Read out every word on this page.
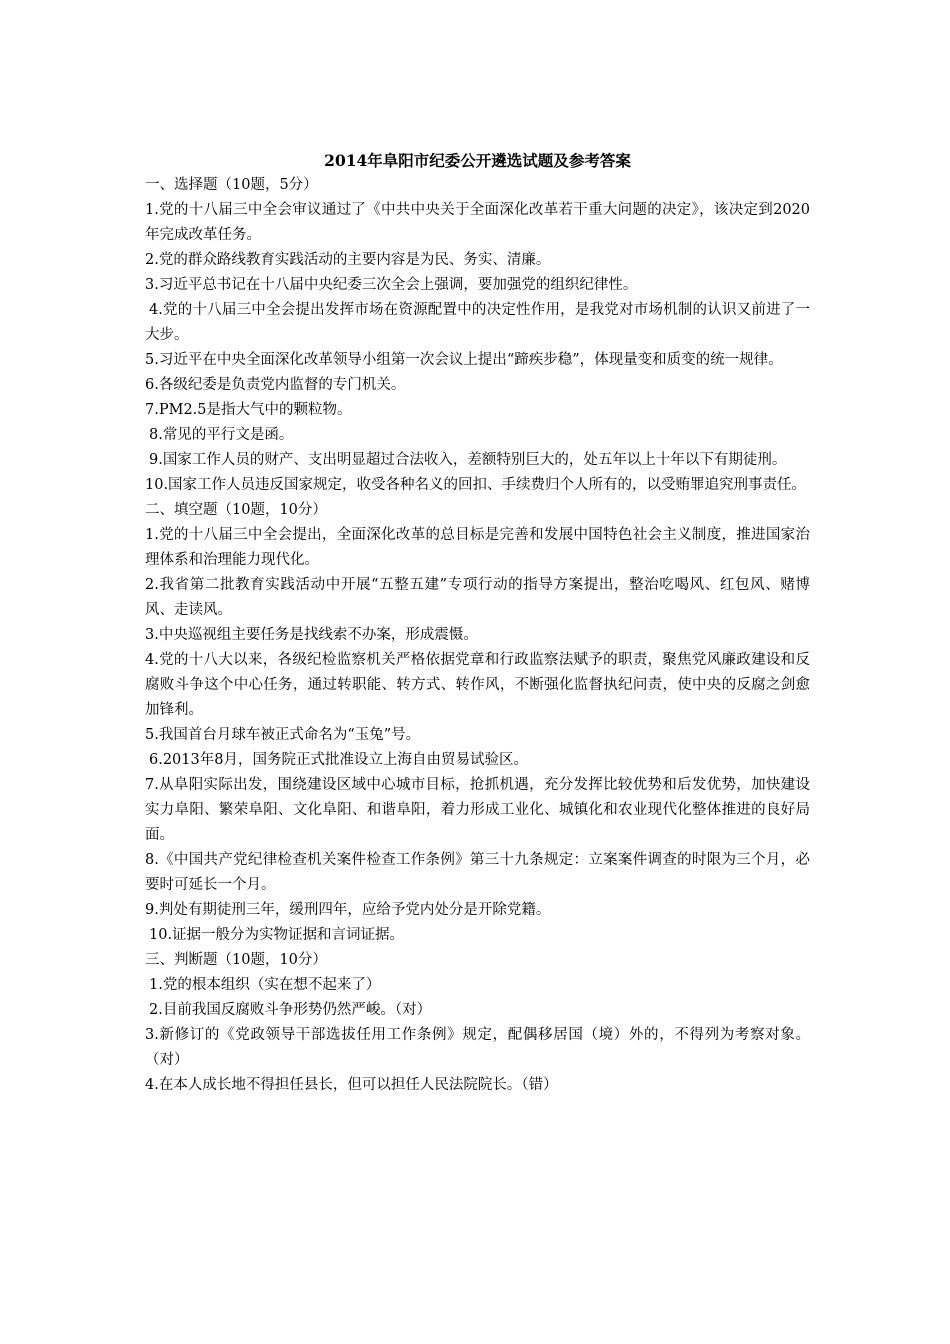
2014年阜阳市纪委公开遴选试题及参考答案
一、选择题（10题，5分）
1.党的十八届三中全会审议通过了《中共中央关于全面深化改革若干重大问题的决定》，该决定到2020年完成改革任务。
2.党的群众路线教育实践活动的主要内容是为民、务实、清廉。
3.习近平总书记在十八届中央纪委三次全会上强调，要加强党的组织纪律性。
4.党的十八届三中全会提出发挥市场在资源配置中的决定性作用，是我党对市场机制的认识又前进了一大步。
5.习近平在中央全面深化改革领导小组第一次会议上提出“蹄疾步稳”，体现量变和质变的统一规律。
6.各级纪委是负责党内监督的专门机关。
7.PM2.5是指大气中的颗粒物。
8.常见的平行文是函。
9.国家工作人员的财产、支出明显超过合法收入，差额特别巨大的，处五年以上十年以下有期徒刑。
10.国家工作人员违反国家规定，收受各种名义的回扣、手续费归个人所有的，以受贿罪追究刑事责任。
二、填空题（10题，10分）
1.党的十八届三中全会提出，全面深化改革的总目标是完善和发展中国特色社会主义制度，推进国家治理体系和治理能力现代化。
2.我省第二批教育实践活动中开展“五整五建”专项行动的指导方案提出，整治吃喝风、红包风、赌博风、走读风。
3.中央巡视组主要任务是找线索不办案，形成震慑。
4.党的十八大以来，各级纪检监察机关严格依据党章和行政监察法赋予的职责，聚焦党风廉政建设和反腐败斗争这个中心任务，通过转职能、转方式、转作风，不断强化监督执纪问责，使中央的反腐之剑愈加锋利。
5.我国首台月球车被正式命名为“玉兔”号。
6.2013年8月，国务院正式批准设立上海自由贸易试验区。
7.从阜阳实际出发，围绕建设区域中心城市目标，抢抓机遇，充分发挥比较优势和后发优势，加快建设实力阜阳、繁荣阜阳、文化阜阳、和谐阜阳，着力形成工业化、城镇化和农业现代化整体推进的良好局面。
8.《中国共产党纪律检查机关案件检查工作条例》第三十九条规定：立案案件调查的时限为三个月，必要时可延长一个月。
9.判处有期徒刑三年，缓刑四年，应给予党内处分是开除党籍。
10.证据一般分为实物证据和言词证据。
三、判断题（10题，10分）
1.党的根本组织（实在想不起来了）
2.目前我国反腐败斗争形势仍然严峻。（对）
3.新修订的《党政领导干部选拔任用工作条例》规定，配偶移居国（境）外的，不得列为考察对象。（对）
4.在本人成长地不得担任县长，但可以担任人民法院院长。（错）
